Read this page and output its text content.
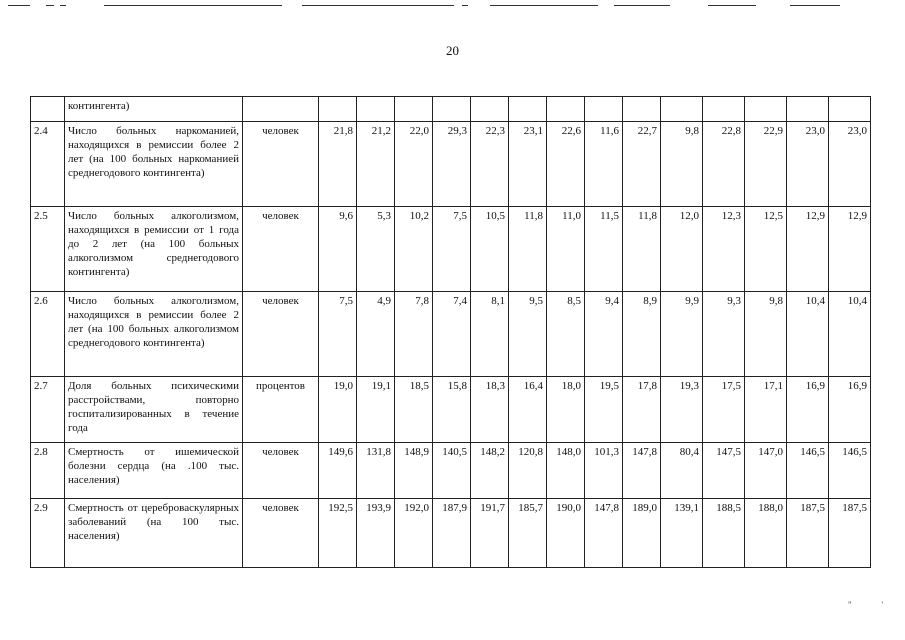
20
	контингента)															
2.4	Число больных наркоманией, находящихся в ремиссии более 2 лет (на 100 больных наркоманией среднегодового контингента)	человек	21,8	21,2	22,0	29,3	22,3	23,1	22,6	11,6	22,7	9,8	22,8	22,9	23,0	23,0
2.5	Число больных алкоголизмом, находящихся в ремиссии от 1 года до 2 лет (на 100 больных алкоголизмом среднегодового контингента)	человек	9,6	5,3	10,2	7,5	10,5	11,8	11,0	11,5	11,8	12,0	12,3	12,5	12,9	12,9
2.6	Число больных алкоголизмом, находящихся в ремиссии более 2 лет (на 100 больных алкоголизмом среднегодового контингента)	человек	7,5	4,9	7,8	7,4	8,1	9,5	8,5	9,4	8,9	9,9	9,3	9,8	10,4	10,4
2.7	Доля больных психическими расстройствами, повторно госпитализированных в течение года	процентов	19,0	19,1	18,5	15,8	18,3	16,4	18,0	19,5	17,8	19,3	17,5	17,1	16,9	16,9
2.8	Смертность от ишемической болезни сердца (на .100 тыс. населения)	человек	149,6	131,8	148,9	140,5	148,2	120,8	148,0	101,3	147,8	80,4	147,5	147,0	146,5	146,5
2.9	Смертность от цереброваскулярных заболеваний (на 100 тыс. населения)	человек	192,5	193,9	192,0	187,9	191,7	185,7	190,0	147,8	189,0	139,1	188,5	188,0	187,5	187,5
''	'
